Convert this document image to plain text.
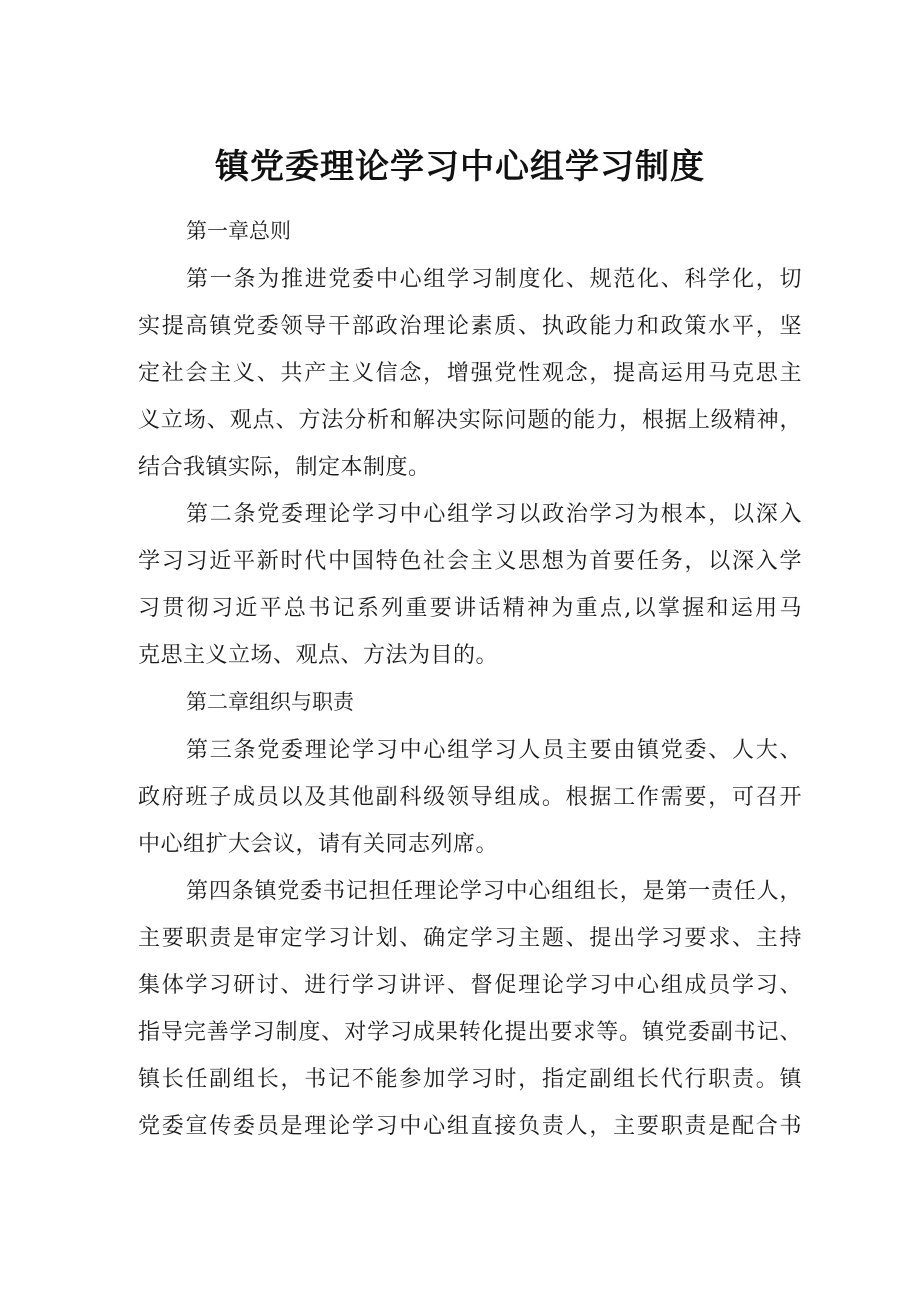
镇党委理论学习中心组学习制度

第一章总则

第一条为推进党委中心组学习制度化、规范化、科学化，切
实提高镇党委领导干部政治理论素质、执政能力和政策水平，坚
定社会主义、共产主义信念，增强党性观念，提高运用马克思主
义立场、观点、方法分析和解决实际问题的能力，根据上级精神，
结合我镇实际，制定本制度。

第二条党委理论学习中心组学习以政治学习为根本，以深入
学习习近平新时代中国特色社会主义思想为首要任务，以深入学
习贯彻习近平总书记系列重要讲话精神为重点,以掌握和运用马
克思主义立场、观点、方法为目的。

第二章组织与职责

第三条党委理论学习中心组学习人员主要由镇党委、人大、
政府班子成员以及其他副科级领导组成。根据工作需要，可召开
中心组扩大会议，请有关同志列席。

第四条镇党委书记担任理论学习中心组组长，是第一责任人，
主要职责是审定学习计划、确定学习主题、提出学习要求、主持
集体学习研讨、进行学习讲评、督促理论学习中心组成员学习、
指导完善学习制度、对学习成果转化提出要求等。镇党委副书记、
镇长任副组长，书记不能参加学习时，指定副组长代行职责。镇
党委宣传委员是理论学习中心组直接负责人，主要职责是配合书
